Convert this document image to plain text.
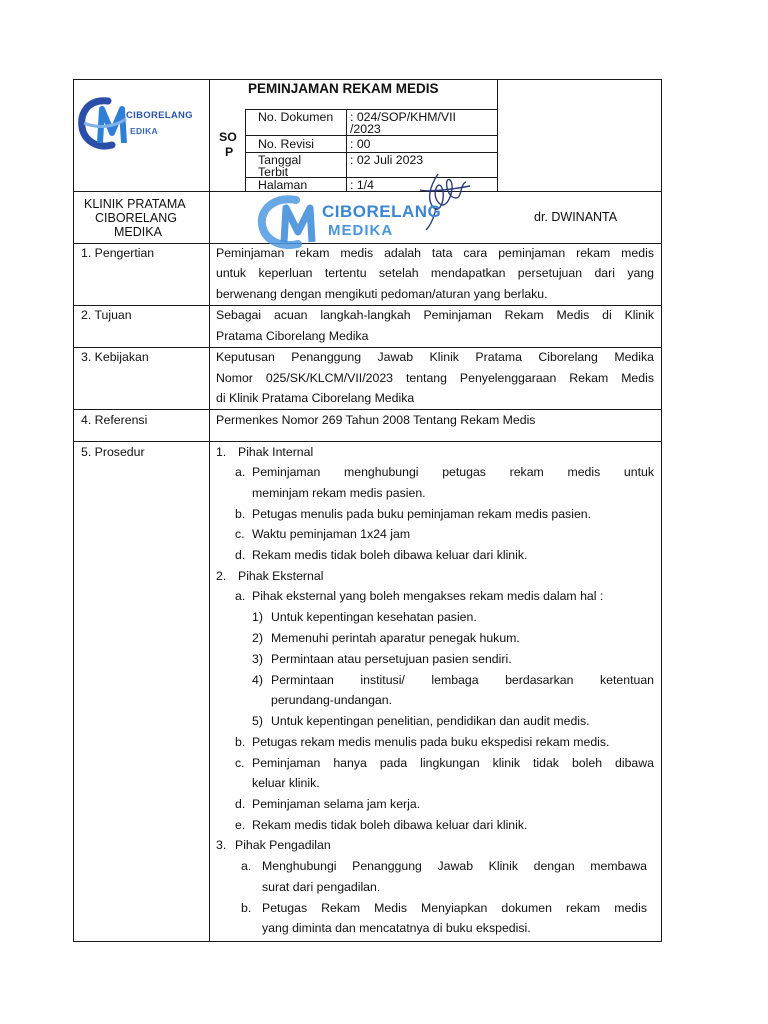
CIBORELANG
EDIKA
PEMINJAMAN REKAM MEDIS
SO
P
No. Dokumen : 024/SOP/KHM/VII
/2023
No. Revisi	: 00
Tanggal
Terbit
: 02 Juli 2023
Halaman	: 1/4
KLINIK PRATAMA
CIBORELANG
MEDIKA
CIBORELANG
MEDIKA
dr. DWINANTA
1. Pengertian	Peminjaman rekam medis adalah tata cara peminjaman rekam medis
untuk keperluan tertentu setelah mendapatkan persetujuan dari yang
berwenang dengan mengikuti pedoman/aturan yang berlaku.
2. Tujuan	Sebagai acuan langkah-langkah Peminjaman Rekam Medis di Klinik
Pratama Ciborelang Medika
3. Kebijakan	Keputusan Penanggung Jawab Klinik Pratama Ciborelang Medika
Nomor 025/SK/KLCM/VII/2023 tentang Penyelenggaraan Rekam Medis
di Klinik Pratama Ciborelang Medika
4. Referensi	Permenkes Nomor 269 Tahun 2008 Tentang Rekam Medis
5. Prosedur	1. Pihak Internal
a. Peminjaman menghubungi petugas rekam medis untuk
meminjam rekam medis pasien.
b. Petugas menulis pada buku peminjaman rekam medis pasien.
c. Waktu peminjaman 1x24 jam
d. Rekam medis tidak boleh dibawa keluar dari klinik.
2. Pihak Eksternal
a. Pihak eksternal yang boleh mengakses rekam medis dalam hal :
1) Untuk kepentingan kesehatan pasien.
2) Memenuhi perintah aparatur penegak hukum.
3) Permintaan atau persetujuan pasien sendiri.
4) Permintaan institusi/ lembaga berdasarkan ketentuan
perundang-undangan.
5) Untuk kepentingan penelitian, pendidikan dan audit medis.
b. Petugas rekam medis menulis pada buku ekspedisi rekam medis.
c. Peminjaman hanya pada lingkungan klinik tidak boleh dibawa
keluar klinik.
d. Peminjaman selama jam kerja.
e. Rekam medis tidak boleh dibawa keluar dari klinik.
3. Pihak Pengadilan
a. Menghubungi Penanggung Jawab Klinik dengan membawa
surat dari pengadilan.
b. Petugas Rekam Medis Menyiapkan dokumen rekam medis
yang diminta dan mencatatnya di buku ekspedisi.
